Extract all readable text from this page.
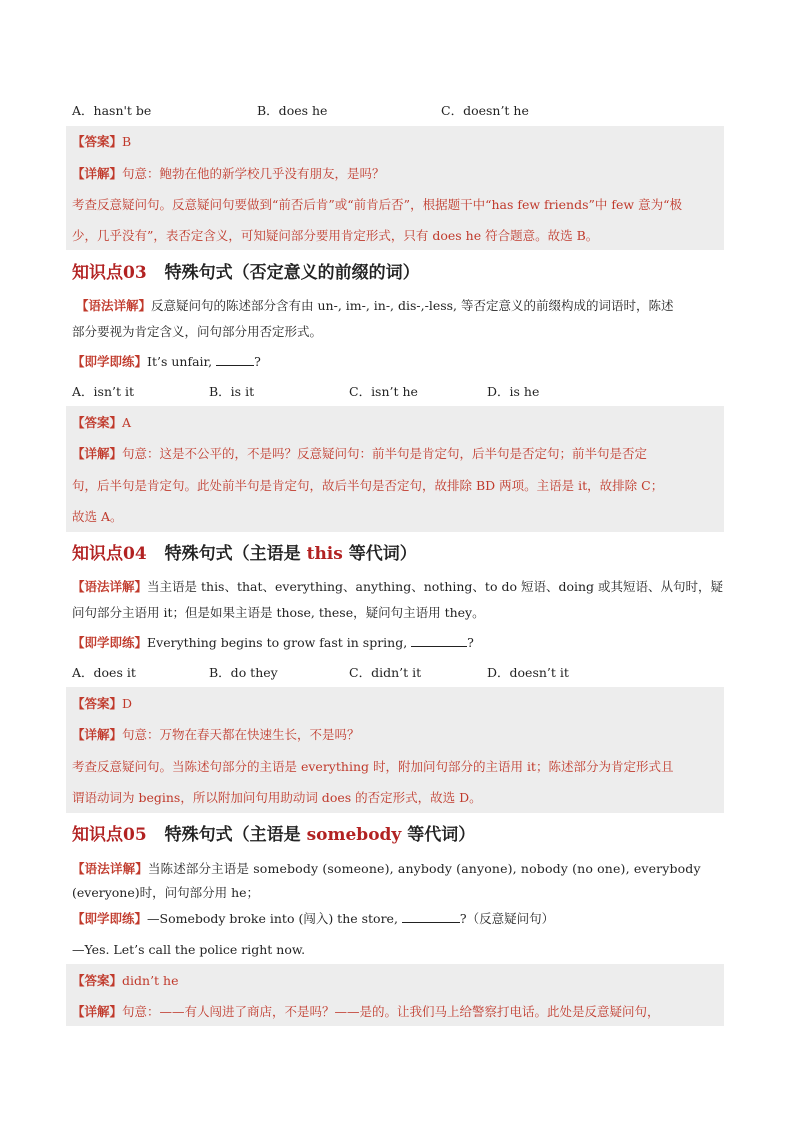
A．hasn't be	B．does he	C．doesn’t he
【答案】B
【详解】句意：鲍勃在他的新学校几乎没有朋友，是吗？
考查反意疑问句。反意疑问句要做到“前否后肯”或“前肯后否”，根据题干中“has few friends”中 few 意为“极
少，几乎没有”，表否定含义，可知疑问部分要用肯定形式，只有 does he 符合题意。故选 B。
知识点03 特殊句式（否定意义的前缀的词）
【语法详解】反意疑问句的陈述部分含有由 un-, im-, in-, dis-,-less, 等否定意义的前缀构成的词语时，陈述
部分要视为肯定含义，问句部分用否定形式。
【即学即练】It’s unfair,	?
A．isn’t it	B．is it	C．isn’t he	D．is he
【答案】A
【详解】句意：这是不公平的，不是吗？反意疑问句：前半句是肯定句，后半句是否定句；前半句是否定
句，后半句是肯定句。此处前半句是肯定句，故后半句是否定句，故排除 BD 两项。主语是 it，故排除 C；
故选 A。
知识点04 特殊句式（主语是 this 等代词）
【语法详解】当主语是 this、that、everything、anything、nothing、to do 短语、doing 或其短语、从句时，疑
问句部分主语用 it；但是如果主语是 those, these，疑问句主语用 they。
【即学即练】Everything begins to grow fast in spring,	?
A．does it	B．do they	C．didn’t it	D．doesn’t it
【答案】D
【详解】句意：万物在春天都在快速生长，不是吗？
考查反意疑问句。当陈述句部分的主语是 everything 时，附加问句部分的主语用 it；陈述部分为肯定形式且
谓语动词为 begins，所以附加问句用助动词 does 的否定形式，故选 D。
知识点05 特殊句式（主语是 somebody 等代词）
【语法详解】当陈述部分主语是 somebody (someone), anybody (anyone), nobody (no one), everybody
(everyone)时，问句部分用 he；
【即学即练】—Somebody broke into (闯入) the store,	?（反意疑问句）
—Yes. Let’s call the police right now.
【答案】didn’t he
【详解】句意：——有人闯进了商店，不是吗？——是的。让我们马上给警察打电话。此处是反意疑问句，
